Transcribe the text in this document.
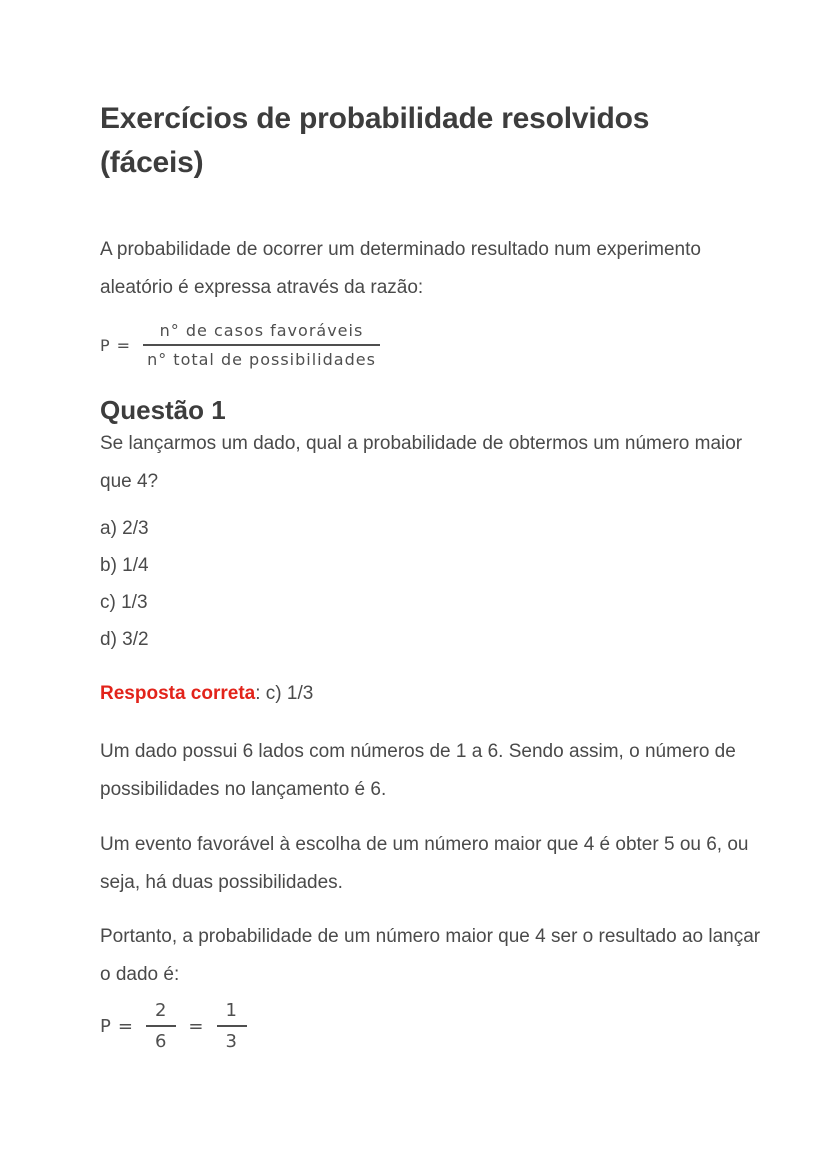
Exercícios de probabilidade resolvidos
(fáceis)

A probabilidade de ocorrer um determinado resultado num experimento
aleatório é expressa através da razão:

$P = \frac{\text{n° de casos favoráveis}}{\text{n° total de possibilidades}}$
Questão 1

Se lançarmos um dado, qual a probabilidade de obtermos um número maior
que 4?

a) 2/3
b) 1/4
c) 1/3
d) 3/2

Resposta correta: c) 1/3

Um dado possui 6 lados com números de 1 a 6. Sendo assim, o número de
possibilidades no lançamento é 6.

Um evento favorável à escolha de um número maior que 4 é obter 5 ou 6, ou
seja, há duas possibilidades.

Portanto, a probabilidade de um número maior que 4 ser o resultado ao lançar
o dado é:

$P = \frac{2}{6} = \frac{1}{3}$
